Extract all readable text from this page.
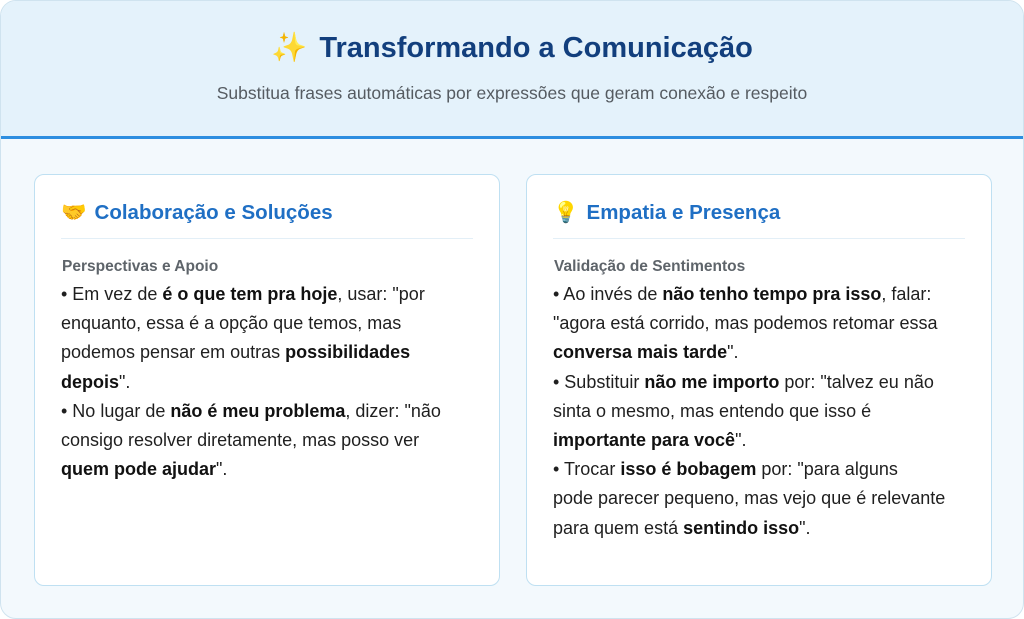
✨ Transformando a Comunicação
Substitua frases automáticas por expressões que geram conexão e respeito
🤝 Colaboração e Soluções
Perspectivas e Apoio
• Em vez de é o que tem pra hoje, usar: "por
enquanto, essa é a opção que temos, mas
podemos pensar em outras possibilidades
depois".
• No lugar de não é meu problema, dizer: "não
consigo resolver diretamente, mas posso ver
quem pode ajudar".
💡 Empatia e Presença
Validação de Sentimentos
• Ao invés de não tenho tempo pra isso, falar:
"agora está corrido, mas podemos retomar essa
conversa mais tarde".
• Substituir não me importo por: "talvez eu não
sinta o mesmo, mas entendo que isso é
importante para você".
• Trocar isso é bobagem por: "para alguns
pode parecer pequeno, mas vejo que é relevante
para quem está sentindo isso".
